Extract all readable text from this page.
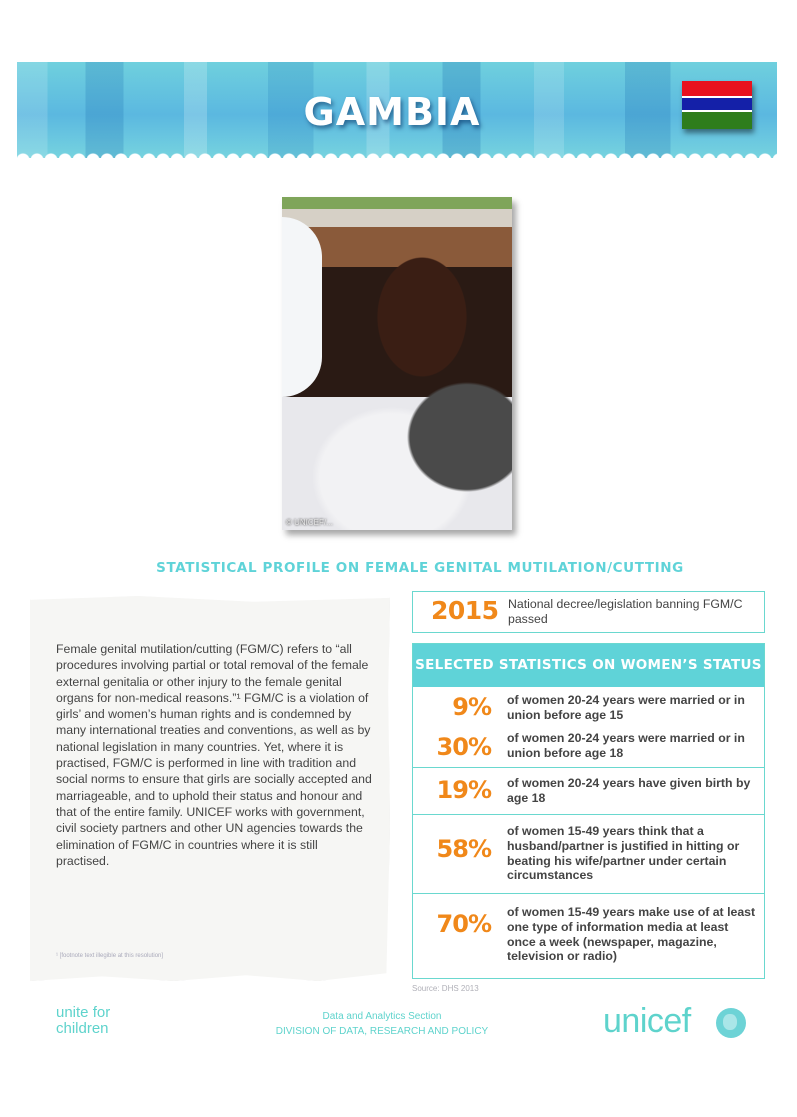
GAMBIA
© UNICEF/...
STATISTICAL PROFILE ON FEMALE GENITAL MUTILATION/CUTTING
Female genital mutilation/cutting (FGM/C) refers to “all procedures involving partial or total removal of the female external genitalia or other injury to the female genital organs for non-medical reasons.”¹ FGM/C is a violation of girls’ and women’s human rights and is condemned by many international treaties and conventions, as well as by national legislation in many countries. Yet, where it is practised, FGM/C is performed in line with tradition and social norms to ensure that girls are socially accepted and marriageable, and to uphold their status and honour and that of the entire family. UNICEF works with government, civil society partners and other UN agencies towards the elimination of FGM/C in countries where it is still practised.
¹ [footnote text illegible at this resolution]
2015 National decree/legislation banning FGM/C passed
SELECTED STATISTICS ON WOMEN’S STATUS
9% of women 20-24 years were married or in union before age 15
30% of women 20-24 years were married or in union before age 18
19% of women 20-24 years have given birth by age 18
58%
of women 15-49 years think that a husband/partner is justified in hitting or beating his wife/partner under certain circumstances
70% of women 15-49 years make use of at least one type of information media at least once a week (newspaper, magazine, television or radio)
Source: DHS 2013
unite for
children
Data and Analytics Section
DIVISION OF DATA, RESEARCH AND POLICY	unicef
